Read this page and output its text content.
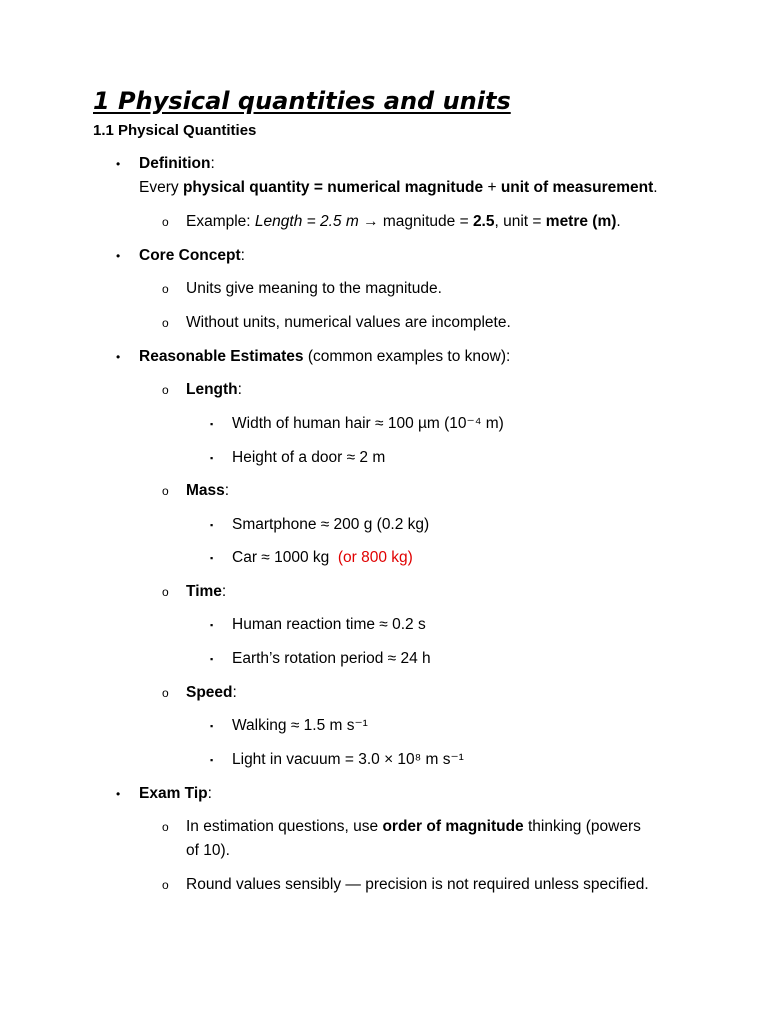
1 Physical quantities and units
1.1 Physical Quantities
• Definition:
Every physical quantity = numerical magnitude + unit of measurement.
o Example: Length = 2.5 m → magnitude = 2.5, unit = metre (m).
• Core Concept:
o Units give meaning to the magnitude.
o Without units, numerical values are incomplete.
• Reasonable Estimates (common examples to know):
o Length:
▪ Width of human hair ≈ 100 µm (10⁻⁴ m)
▪ Height of a door ≈ 2 m
o Mass:
▪ Smartphone ≈ 200 g (0.2 kg)
▪ Car ≈ 1000 kg (or 800 kg)
o Time:
▪ Human reaction time ≈ 0.2 s
▪ Earth’s rotation period ≈ 24 h
o Speed:
▪ Walking ≈ 1.5 m s⁻¹
▪ Light in vacuum = 3.0 × 10⁸ m s⁻¹
• Exam Tip:
o In estimation questions, use order of magnitude thinking (powers
of 10).
o Round values sensibly — precision is not required unless specified.
